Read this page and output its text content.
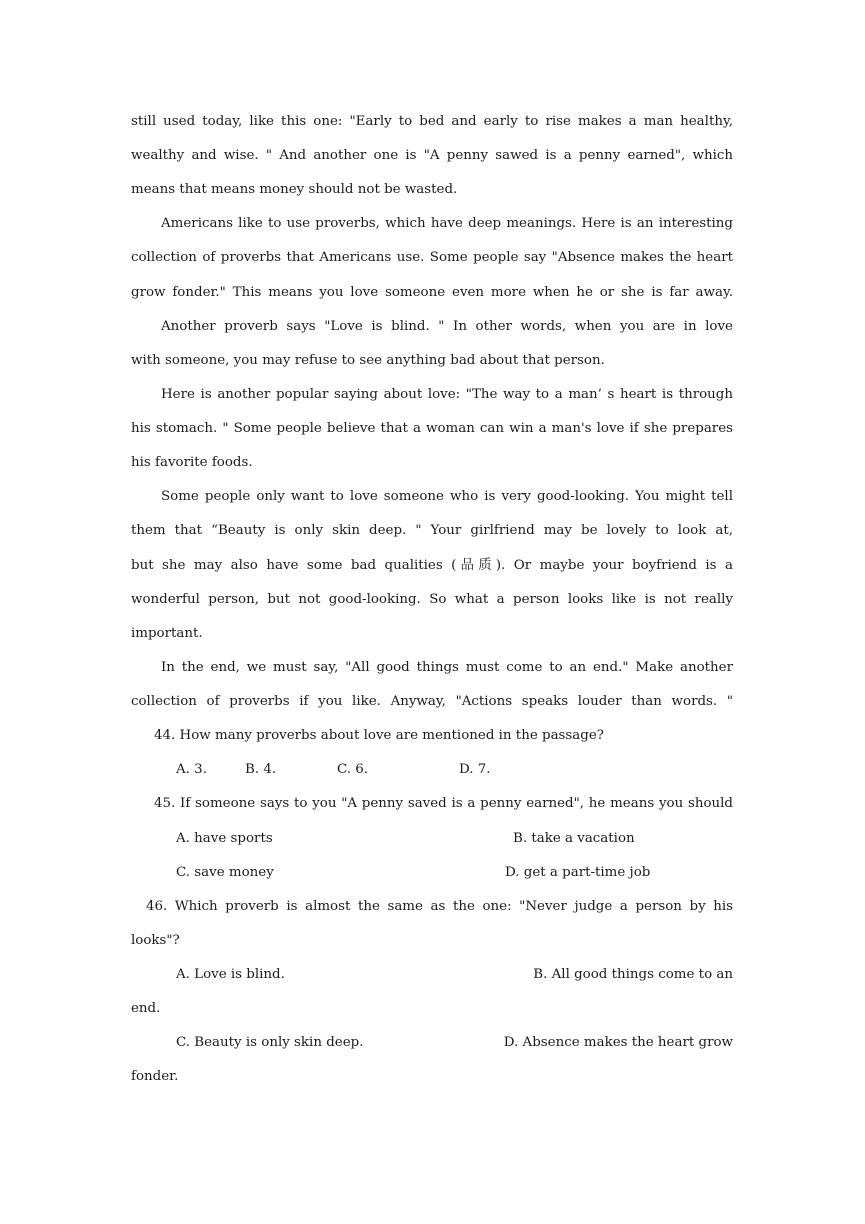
still used today, like this one: "Early to bed and early to rise makes a man healthy,
wealthy and wise. " And another one is "A penny sawed is a penny earned", which
means that means money should not be wasted.
Americans like to use proverbs, which have deep meanings. Here is an interesting
collection of proverbs that Americans use. Some people say "Absence makes the heart
grow fonder." This means you love someone even more when he or she is far away.
Another proverb says "Love is blind. " In other words, when you are in love
with someone, you may refuse to see anything bad about that person.
Here is another popular saying about love: "The way to a man’ s heart is through
his stomach. " Some people believe that a woman can win a man's love if she prepares
his favorite foods.
Some people only want to love someone who is very good-looking. You might tell
them that “Beauty is only skin deep. " Your girlfriend may be lovely to look at,
but she may also have some bad qualities (品质). Or maybe your boyfriend is a
wonderful person, but not good-looking. So what a person looks like is not really
important.
In the end, we must say, "All good things must come to an end." Make another
collection of proverbs if you like. Anyway, "Actions speaks louder than words. "
44. How many proverbs about love are mentioned in the passage?
A. 3.	B. 4.	C. 6.	D. 7.
45. If someone says to you "A penny saved is a penny earned", he means you should
A. have sports	B. take a vacation
C. save money	D. get a part-time job
46. Which proverb is almost the same as the one: "Never judge a person by his
looks"?
A. Love is blind.	B. All good things come to an
end.
C. Beauty is only skin deep.	D. Absence makes the heart grow
fonder.
